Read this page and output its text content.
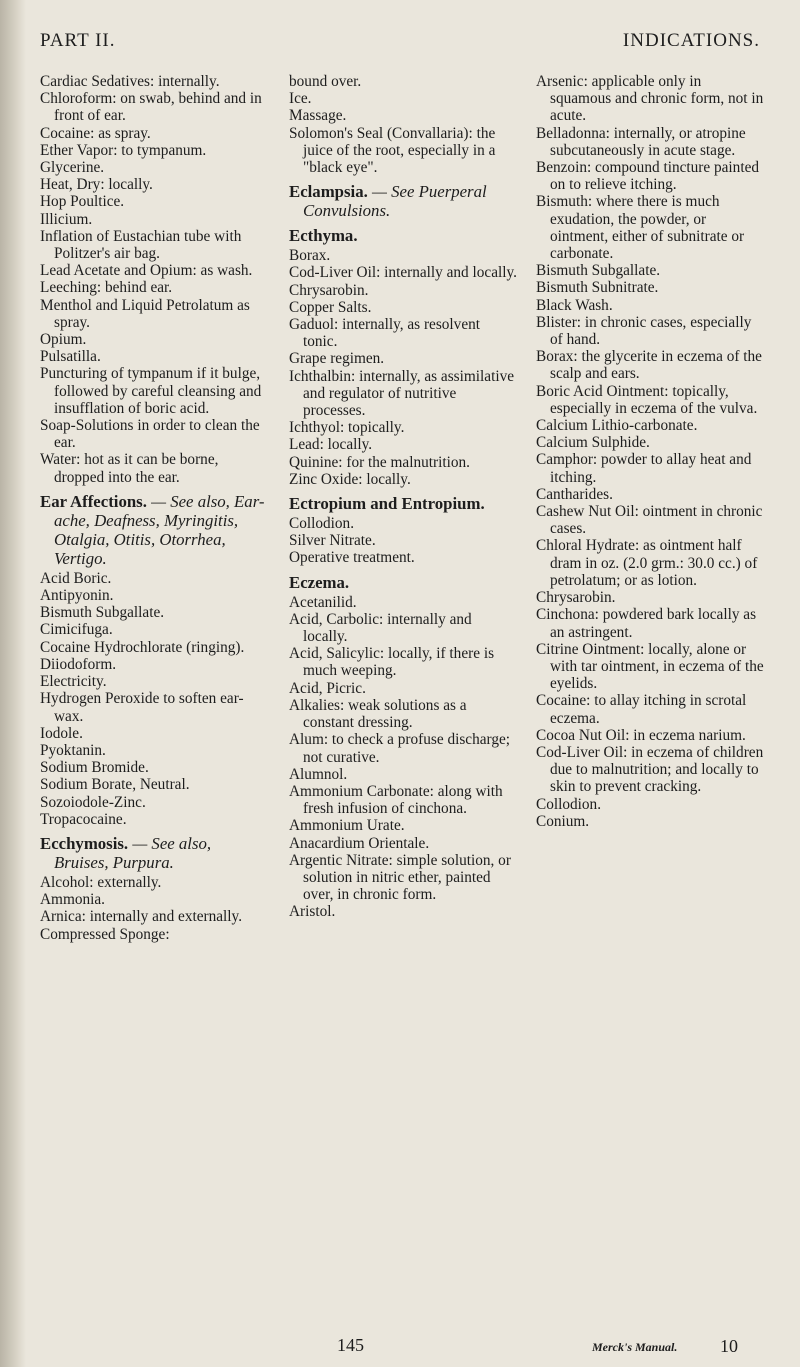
PART II.	INDICATIONS.

Cardiac Sedatives: internally.

Chloroform: on swab, behind and in front of ear.

Cocaine: as spray.

Ether Vapor: to tympanum.

Glycerine.

Heat, Dry: locally.

Hop Poultice.

Illicium.

Inflation of Eustachian tube with Politzer's air bag.

Lead Acetate and Opium: as wash.

Leeching: behind ear.

Menthol and Liquid Petrolatum as spray.

Opium.

Pulsatilla.

Puncturing of tympanum if it bulge, followed by careful cleansing and insufflation of boric acid.

Soap-Solutions in order to clean the ear.

Water: hot as it can be borne, dropped into the ear.

Ear Affections. — See also, Ear-ache, Deafness, Myringitis, Otalgia, Otitis, Otorrhea, Vertigo.

Acid Boric.

Antipyonin.

Bismuth Subgallate.

Cimicifuga.

Cocaine Hydrochlorate (ringing).

Diiodoform.

Electricity.

Hydrogen Peroxide to soften ear-wax.

Iodole.

Pyoktanin.

Sodium Bromide.

Sodium Borate, Neutral.

Sozoiodole-Zinc.

Tropacocaine.

Ecchymosis. — See also, Bruises, Purpura.

Alcohol: externally.

Ammonia.

Arnica: internally and externally.

Compressed Sponge:

bound over.

Ice.

Massage.

Solomon's Seal (Convallaria): the juice of the root, especially in a "black eye".

Eclampsia. — See Puerperal Convulsions.

Ecthyma.

Borax.

Cod-Liver Oil: internally and locally.

Chrysarobin.

Copper Salts.

Gaduol: internally, as resolvent tonic.

Grape regimen.

Ichthalbin: internally, as assimilative and regulator of nutritive processes.

Ichthyol: topically.

Lead: locally.

Quinine: for the malnutrition.

Zinc Oxide: locally.

Ectropium and Entropium.

Collodion.

Silver Nitrate.

Operative treatment.

Eczema.

Acetanilid.

Acid, Carbolic: internally and locally.

Acid, Salicylic: locally, if there is much weeping.

Acid, Picric.

Alkalies: weak solutions as a constant dressing.

Alum: to check a profuse discharge; not curative.

Alumnol.

Ammonium Carbonate: along with fresh infusion of cinchona.

Ammonium Urate.

Anacardium Orientale.

Argentic Nitrate: simple solution, or solution in nitric ether, painted over, in chronic form.

Aristol.

Arsenic: applicable only in squamous and chronic form, not in acute.

Belladonna: internally, or atropine subcutaneously in acute stage.

Benzoin: compound tincture painted on to relieve itching.

Bismuth: where there is much exudation, the powder, or ointment, either of subnitrate or carbonate.

Bismuth Subgallate.

Bismuth Subnitrate.

Black Wash.

Blister: in chronic cases, especially of hand.

Borax: the glycerite in eczema of the scalp and ears.

Boric Acid Ointment: topically, especially in eczema of the vulva.

Calcium Lithio-carbonate.

Calcium Sulphide.

Camphor: powder to allay heat and itching.

Cantharides.

Cashew Nut Oil: ointment in chronic cases.

Chloral Hydrate: as ointment half dram in oz. (2.0 grm.: 30.0 cc.) of petrolatum; or as lotion.

Chrysarobin.

Cinchona: powdered bark locally as an astringent.

Citrine Ointment: locally, alone or with tar ointment, in eczema of the eyelids.

Cocaine: to allay itching in scrotal eczema.

Cocoa Nut Oil: in eczema narium.

Cod-Liver Oil: in eczema of children due to malnutrition; and locally to skin to prevent cracking.

Collodion.

Conium.

145	Merck's Manual. 10
